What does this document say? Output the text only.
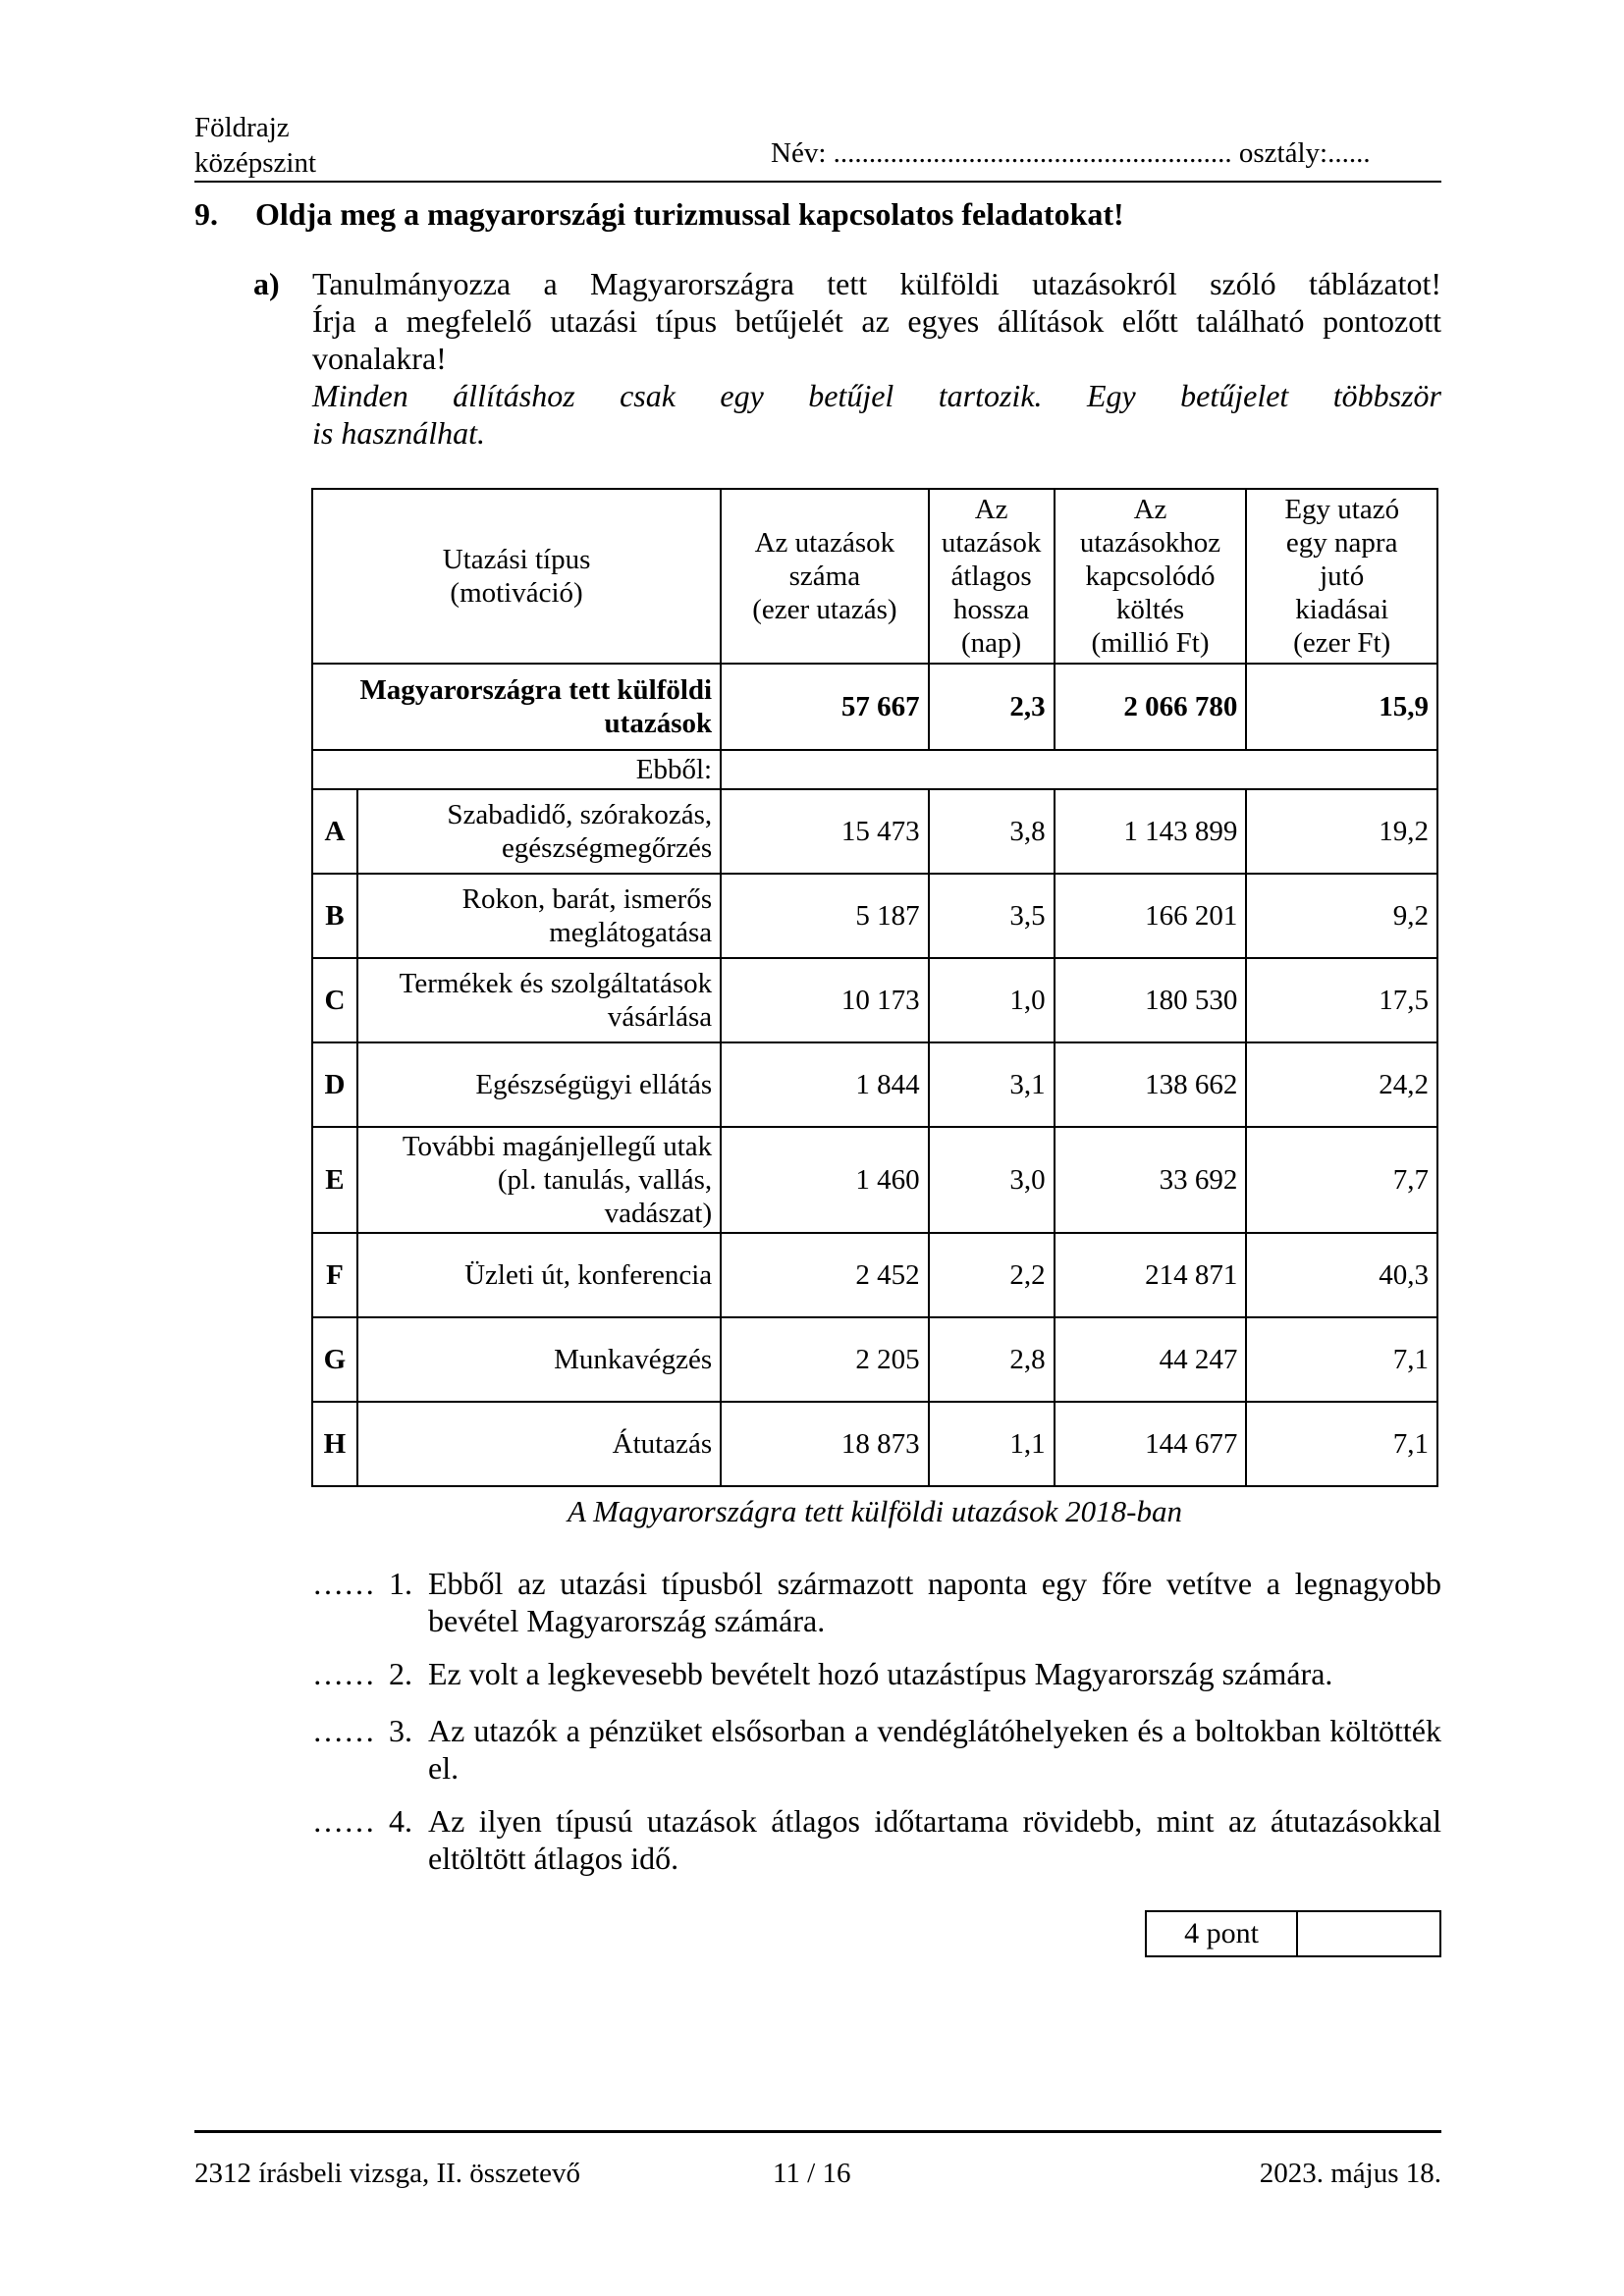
Földrajz
középszint	Név: ........................................................ osztály:......
9. Oldja meg a magyarországi turizmussal kapcsolatos feladatokat!
a) Tanulmányozza a Magyarországra tett külföldi utazásokról szóló táblázatot!

Írja a megfelelő utazási típus betűjelét az egyes állítások előtt található pontozott

vonalakra!

Minden állításhoz csak egy betűjel tartozik. Egy betűjelet többször

is használhat.

Utazási típus
(motiváció)		Az utazások
száma
(ezer utazás)	Az
utazások
átlagos
hossza
(nap)	Az
utazásokhoz
kapcsolódó
költés
(millió Ft)	Egy utazó
egy napra
jutó
kiadásai
(ezer Ft)
Magyarországra tett külföldi
utazások		57 667	2,3	2 066 780	15,9
Ebből:					
A	Szabadidő, szórakozás,
egészségmegőrzés	15 473	3,8	1 143 899	19,2
B	Rokon, barát, ismerős
meglátogatása	5 187	3,5	166 201	9,2
C	Termékek és szolgáltatások
vásárlása	10 173	1,0	180 530	17,5
D	Egészségügyi ellátás	1 844	3,1	138 662	24,2
E	További magánjellegű utak
(pl. tanulás, vallás,
vadászat)	1 460	3,0	33 692	7,7
F	Üzleti út, konferencia	2 452	2,2	214 871	40,3
G	Munkavégzés	2 205	2,8	44 247	7,1
H	Átutazás	18 873	1,1	144 677	7,1
A Magyarországra tett külföldi utazások 2018-ban
…… 1. Ebből az utazási típusból származott naponta egy főre vetítve a legnagyobb bevétel Magyarország számára.
…… 2. Ez volt a legkevesebb bevételt hozó utazástípus Magyarország számára.
…… 3. Az utazók a pénzüket elsősorban a vendéglátóhelyeken és a boltokban költötték el.
…… 4. Az ilyen típusú utazások átlagos időtartama rövidebb, mint az átutazásokkal eltöltött átlagos idő.
4 pont
2312 írásbeli vizsga, II. összetevő	11 / 16	2023. május 18.
